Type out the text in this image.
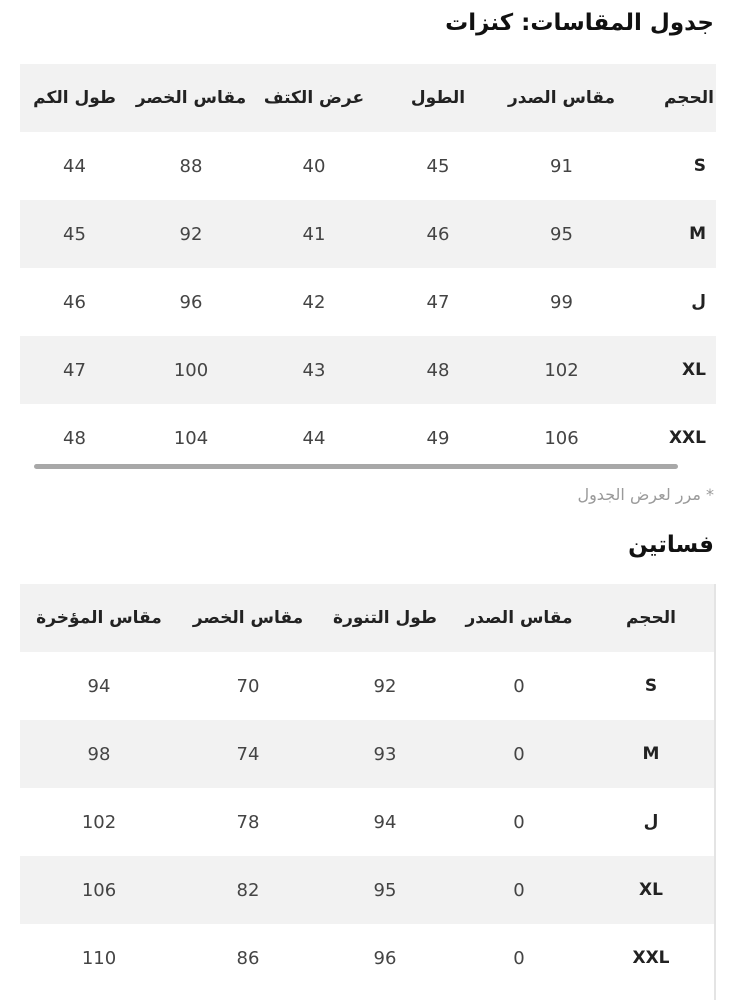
جدول المقاسات: كنزات
الحجم	مقاس الصدر	الطول	عرض الكتف	مقاس الخصر	طول الكم
S	91	45	40	88	44
M	95	46	41	92	45
ل	99	47	42	96	46
XL	102	48	43	100	47
XXL	106	49	44	104	48

* مرر لعرض الجدول

فساتين
الحجم	مقاس الصدر	طول التنورة	مقاس الخصر	مقاس المؤخرة
S	0	92	70	94
M	0	93	74	98
ل	0	94	78	102
XL	0	95	82	106
XXL	0	96	86	110
